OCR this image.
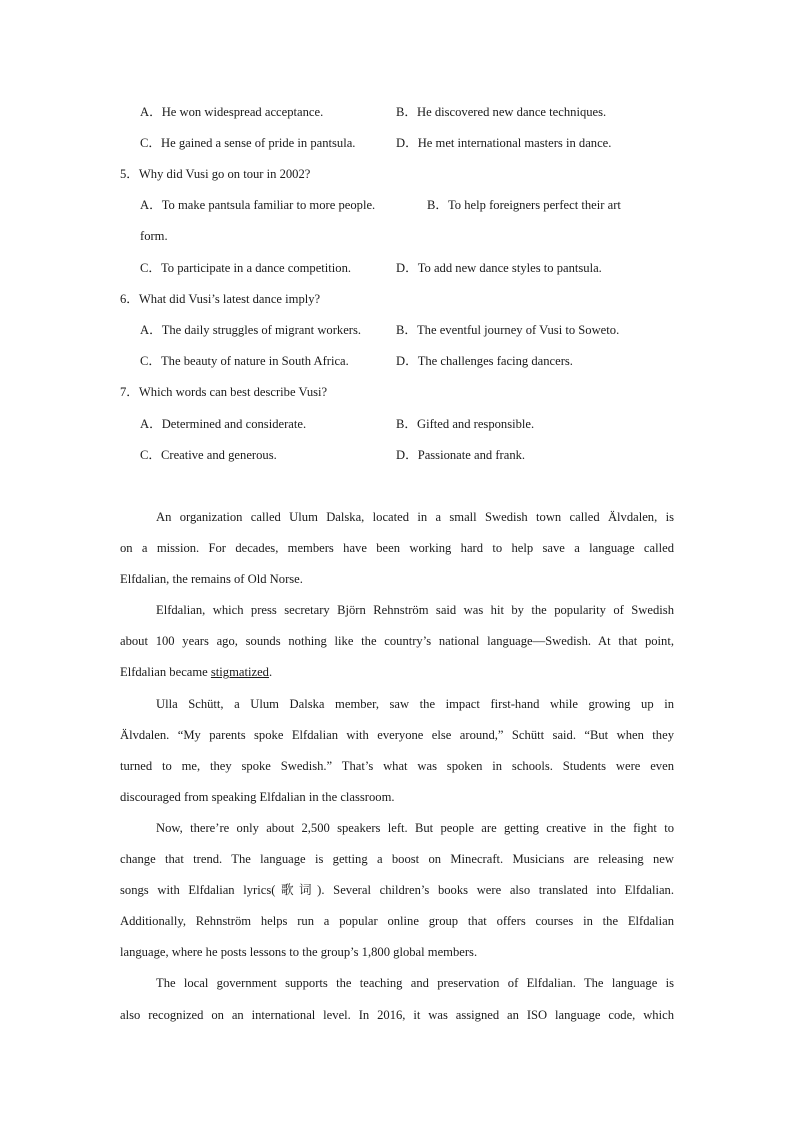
A．He won widespread acceptance.	B．He discovered new dance techniques.
C．He gained a sense of pride in pantsula.	D．He met international masters in dance.
5．Why did Vusi go on tour in 2002?
A．To make pantsula familiar to more people.	B．To help foreigners perfect their art
form.
C．To participate in a dance competition.	D．To add new dance styles to pantsula.
6．What did Vusi’s latest dance imply?
A．The daily struggles of migrant workers.	B．The eventful journey of Vusi to Soweto.
C．The beauty of nature in South Africa.	D．The challenges facing dancers.
7．Which words can best describe Vusi?
A．Determined and considerate.	B．Gifted and responsible.
C．Creative and generous.	D．Passionate and frank.

An organization called Ulum Dalska, located in a small Swedish town called Älvdalen, is
on a mission. For decades, members have been working hard to help save a language called
Elfdalian, the remains of Old Norse.

Elfdalian, which press secretary Björn Rehnström said was hit by the popularity of Swedish
about 100 years ago, sounds nothing like the country’s national language—Swedish. At that point,
Elfdalian became stigmatized.

Ulla Schütt, a Ulum Dalska member, saw the impact first-hand while growing up in
Älvdalen. “My parents spoke Elfdalian with everyone else around,” Schütt said. “But when they
turned to me, they spoke Swedish.” That’s what was spoken in schools. Students were even
discouraged from speaking Elfdalian in the classroom.

Now, there’re only about 2,500 speakers left. But people are getting creative in the fight to
change that trend. The language is getting a boost on Minecraft. Musicians are releasing new
songs with Elfdalian lyrics(歌词). Several children’s books were also translated into Elfdalian.
Additionally, Rehnström helps run a popular online group that offers courses in the Elfdalian
language, where he posts lessons to the group’s 1,800 global members.

The local government supports the teaching and preservation of Elfdalian. The language is
also recognized on an international level. In 2016, it was assigned an ISO language code, which
